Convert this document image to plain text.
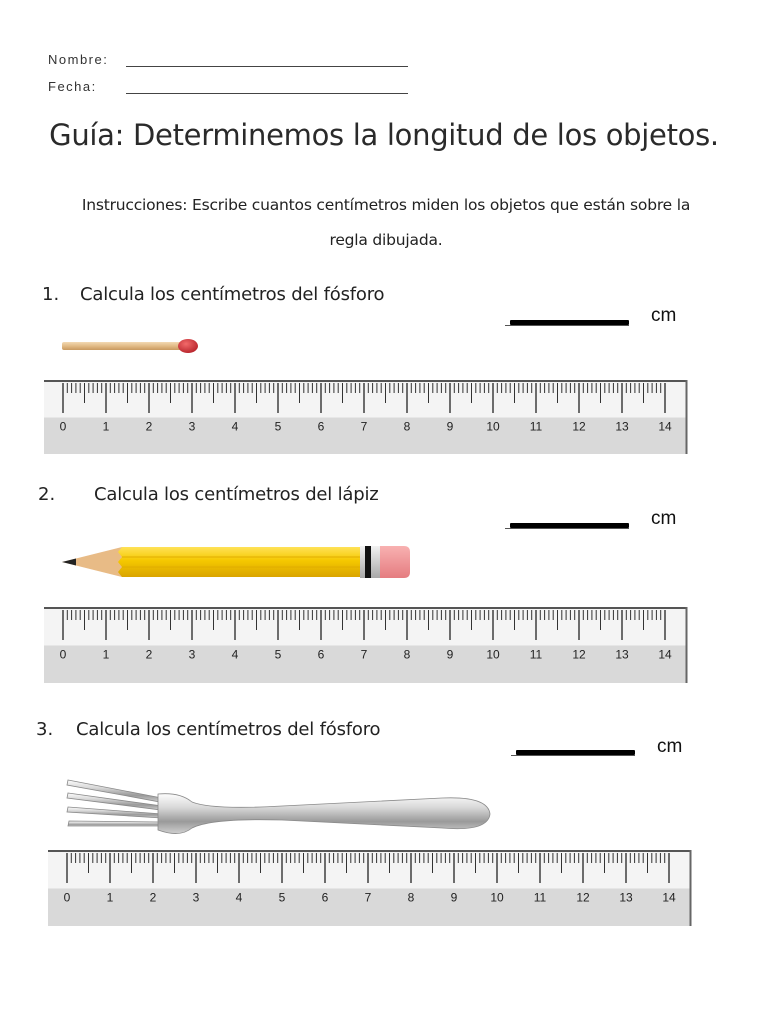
Nombre:
Fecha:
Guía: Determinemos la longitud de los objetos.
Instrucciones: Escribe cuantos centímetros miden los objetos que están sobre la
regla dibujada.
1. Calcula los centímetros del fósforo
cm
0	1	2	3	4	5	6	7	8	9	10	11	12 13 14
2. Calcula los centímetros del lápiz
cm
0	1	2	3	4	5	6	7	8	9	10	11	12 13 14
3. Calcula los centímetros del fósforo
cm
0	1	2	3	4	5	6	7	8	9	10	11	12 13 14
